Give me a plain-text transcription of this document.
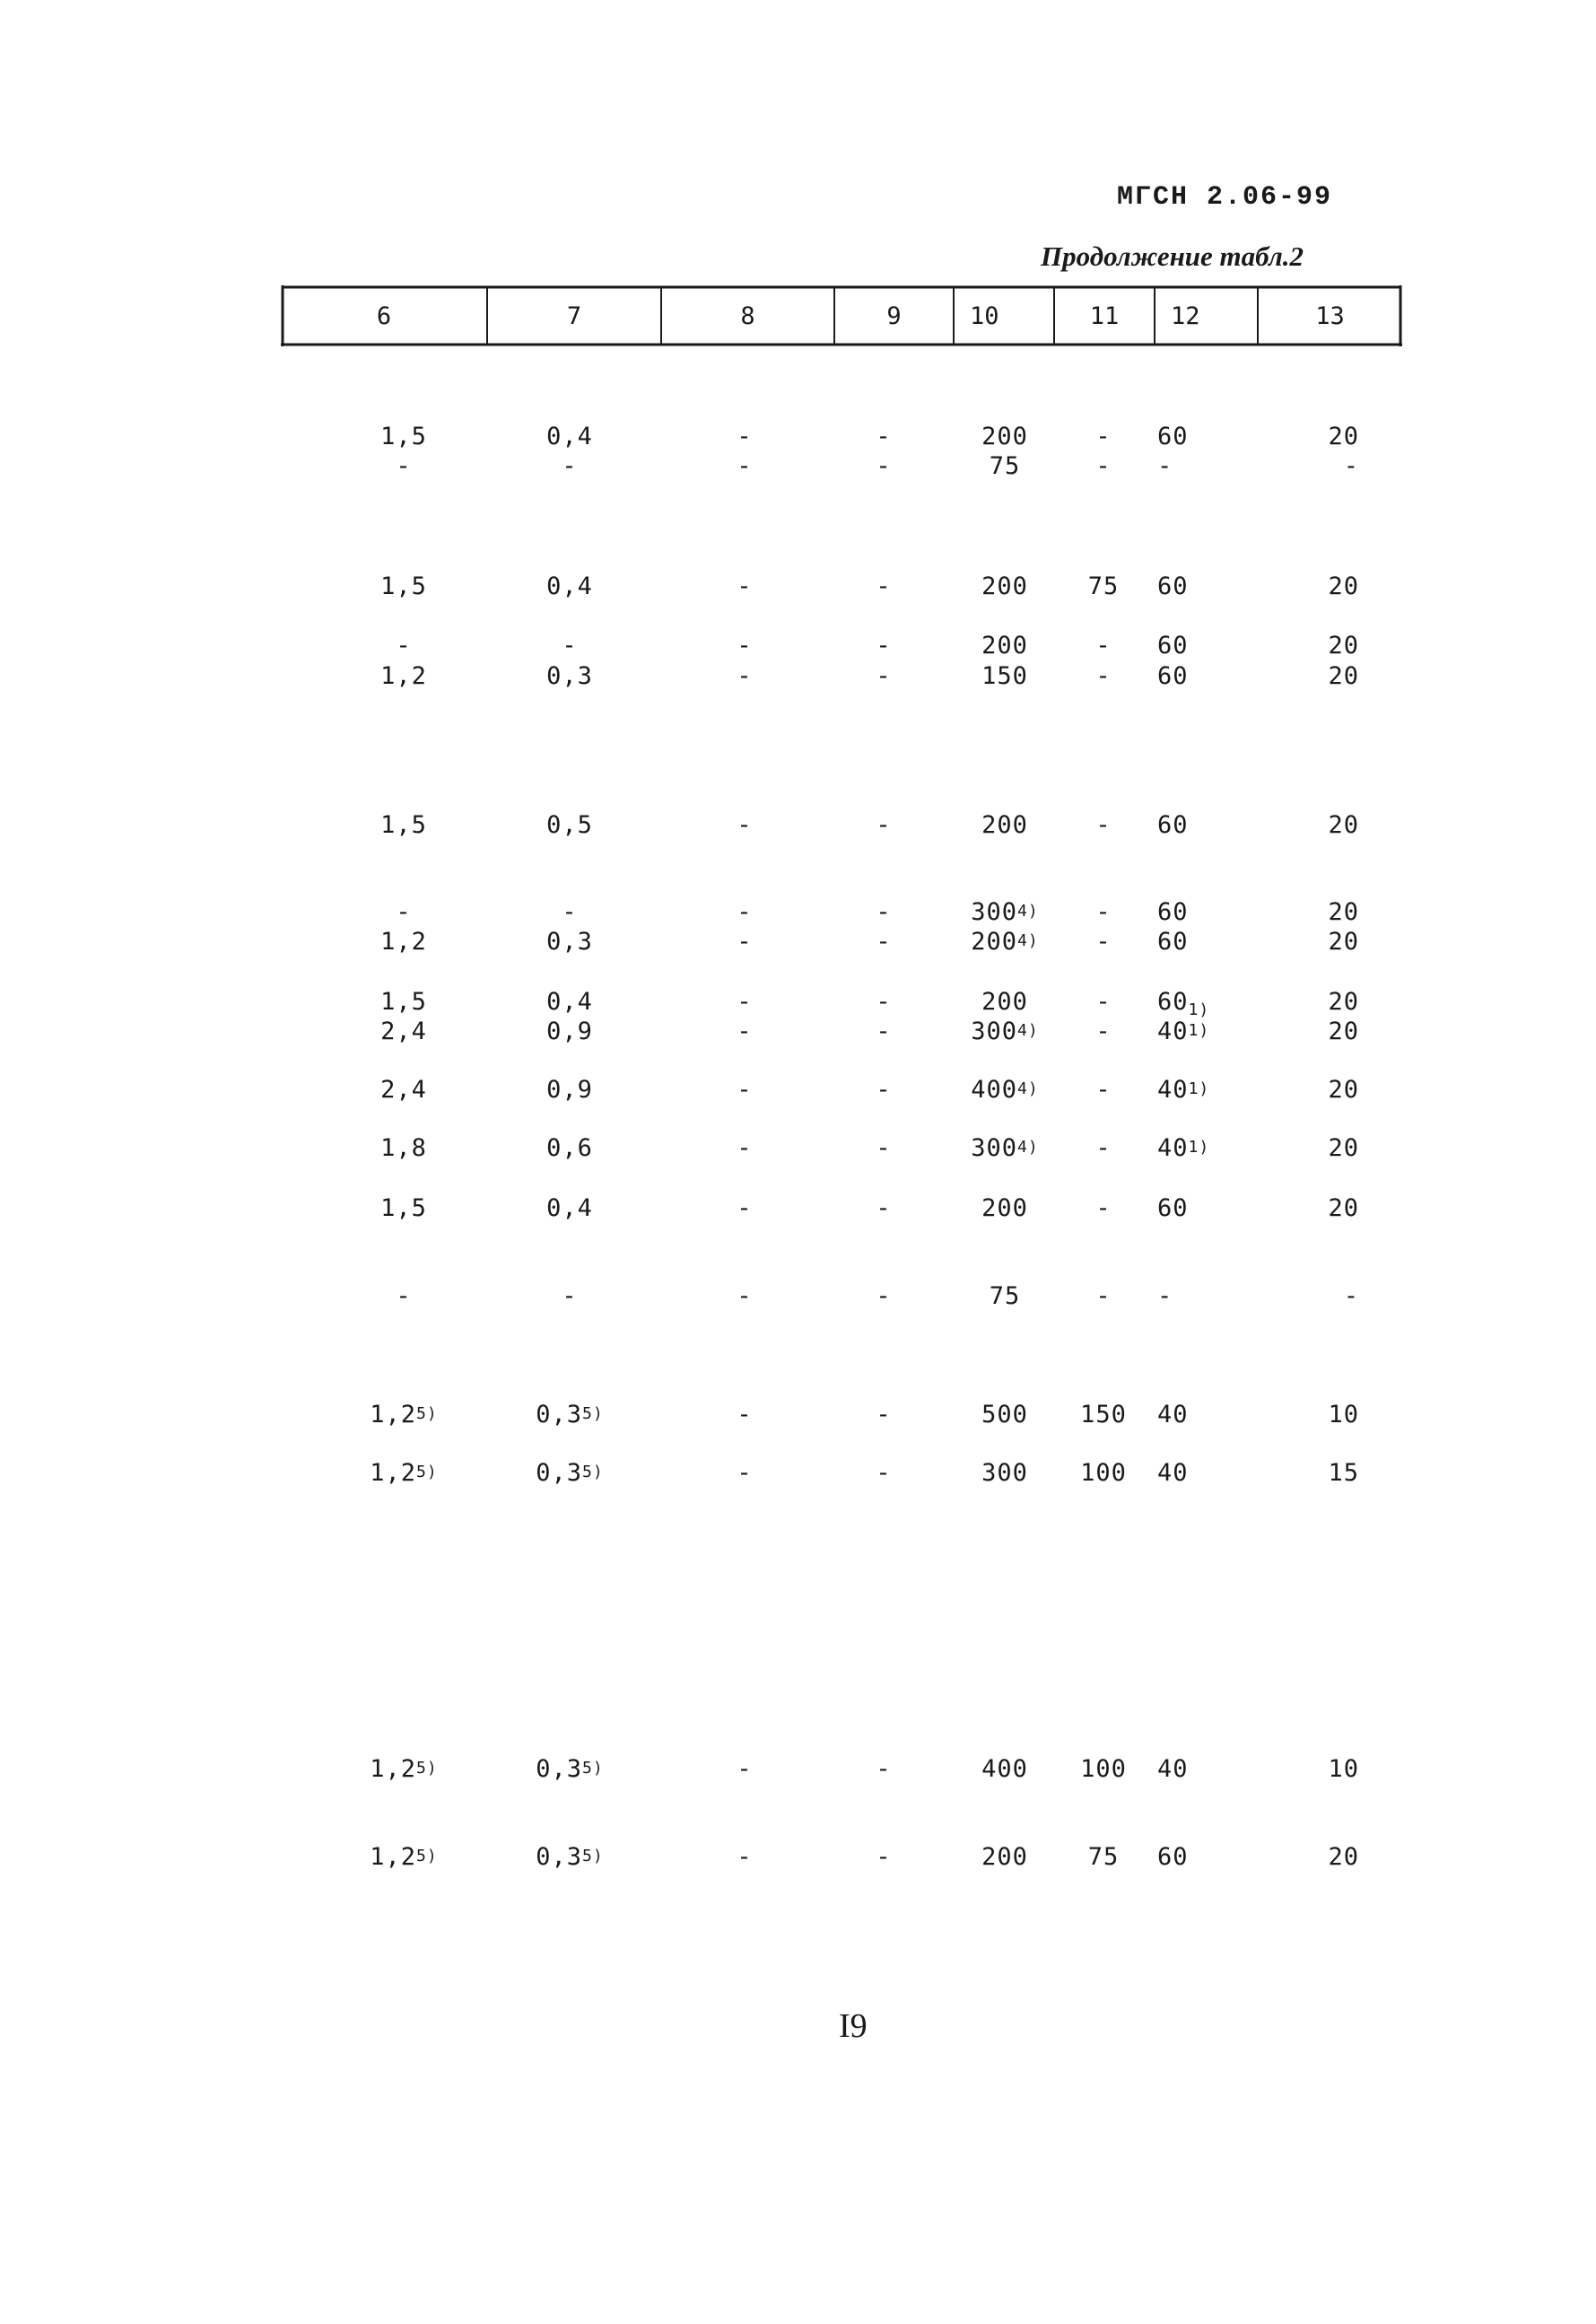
МГСН 2.06-99
Продолжение табл.2
6	7	8	9	10	11	12	13
1,5	0,4	-	-	200	-	60	20
-	-	-	-	75	-	-	-
1,5	0,4	-	-	200	75	60	20
-	-	-	-	200	-	60	20
1,2	0,3	-	-	150	-	60	20
1,5	0,5	-	-	200	-	60	20
-	-	-	-	300$^{4)}$	-	60	20
1,2	0,3	-	-	200$^{4)}$	-	60	20
1,5	0,4	-	-	200	-	$60_{1)}$	20
2,4	0,9	-	-	300$^{4)}$	-	40$^{1)}$	20
2,4	0,9	-	-	400$^{4)}$	-	40$^{1)}$	20
1,8	0,6	-	-	300$^{4)}$	-	40$^{1)}$	20
1,5	0,4	-	-	200	-	60	20
-	-	-	-	75	-	-	-
1,2$^{5)}$	0,3$^{5)}$	-	-	500	150	40	10
1,2$^{5)}$	0,3$^{5)}$	-	-	300	100	40	15
1,2$^{5)}$	0,3$^{5)}$	-	-	400	100	40	10
1,2$^{5)}$	0,3$^{5)}$	-	-	200	75	60	20
I9
